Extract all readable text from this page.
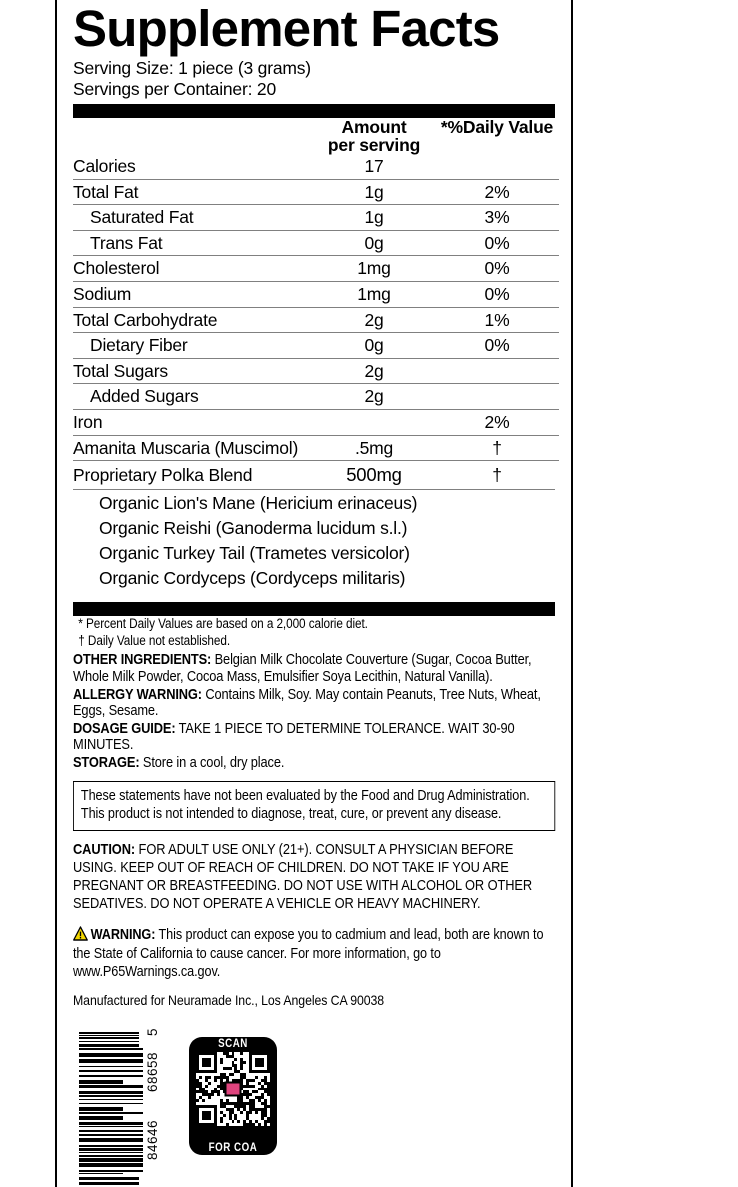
Supplement Facts
Serving Size: 1 piece (3 grams)
Servings per Container: 20

	Amount
per serving	*%Daily Value
Calories	17	
Total Fat	1g	2%
Saturated Fat	1g	3%
Trans Fat	0g	0%
Cholesterol	1mg	0%
Sodium	1mg	0%
Total Carbohydrate	2g	1%
Dietary Fiber	0g	0%
Total Sugars	2g	
Added Sugars	2g	
Iron		2%
Amanita Muscaria (Muscimol)	.5mg	†
Proprietary Polka Blend	500mg	†
Organic Lion's Mane (Hericium erinaceus)
Organic Reishi (Ganoderma lucidum s.l.)
Organic Turkey Tail (Trametes versicolor)
Organic Cordyceps (Cordyceps militaris)
* Percent Daily Values are based on a 2,000 calorie diet.
† Daily Value not established.
OTHER INGREDIENTS: Belgian Milk Chocolate Couverture (Sugar, Cocoa Butter, Whole Milk Powder, Cocoa Mass, Emulsifier Soya Lecithin, Natural Vanilla).
ALLERGY WARNING: Contains Milk, Soy. May contain Peanuts, Tree Nuts, Wheat, Eggs, Sesame.
DOSAGE GUIDE: TAKE 1 PIECE TO DETERMINE TOLERANCE. WAIT 30-90 MINUTES.
STORAGE: Store in a cool, dry place.
These statements have not been evaluated by the Food and Drug Administration. This product is not intended to diagnose, treat, cure, or prevent any disease.
CAUTION: FOR ADULT USE ONLY (21+). CONSULT A PHYSICIAN BEFORE USING. KEEP OUT OF REACH OF CHILDREN. DO NOT TAKE IF YOU ARE PREGNANT OR BREASTFEEDING. DO NOT USE WITH ALCOHOL OR OTHER SEDATIVES. DO NOT OPERATE A VEHICLE OR HEAVY MACHINERY.
WARNING: This product can expose you to cadmium and lead, both are known to the State of California to cause cancer. For more information, go to www.P65Warnings.ca.gov.
Manufactured for Neuramade Inc., Los Angeles CA 90038
5
68658
84646
SCAN
FOR COA
